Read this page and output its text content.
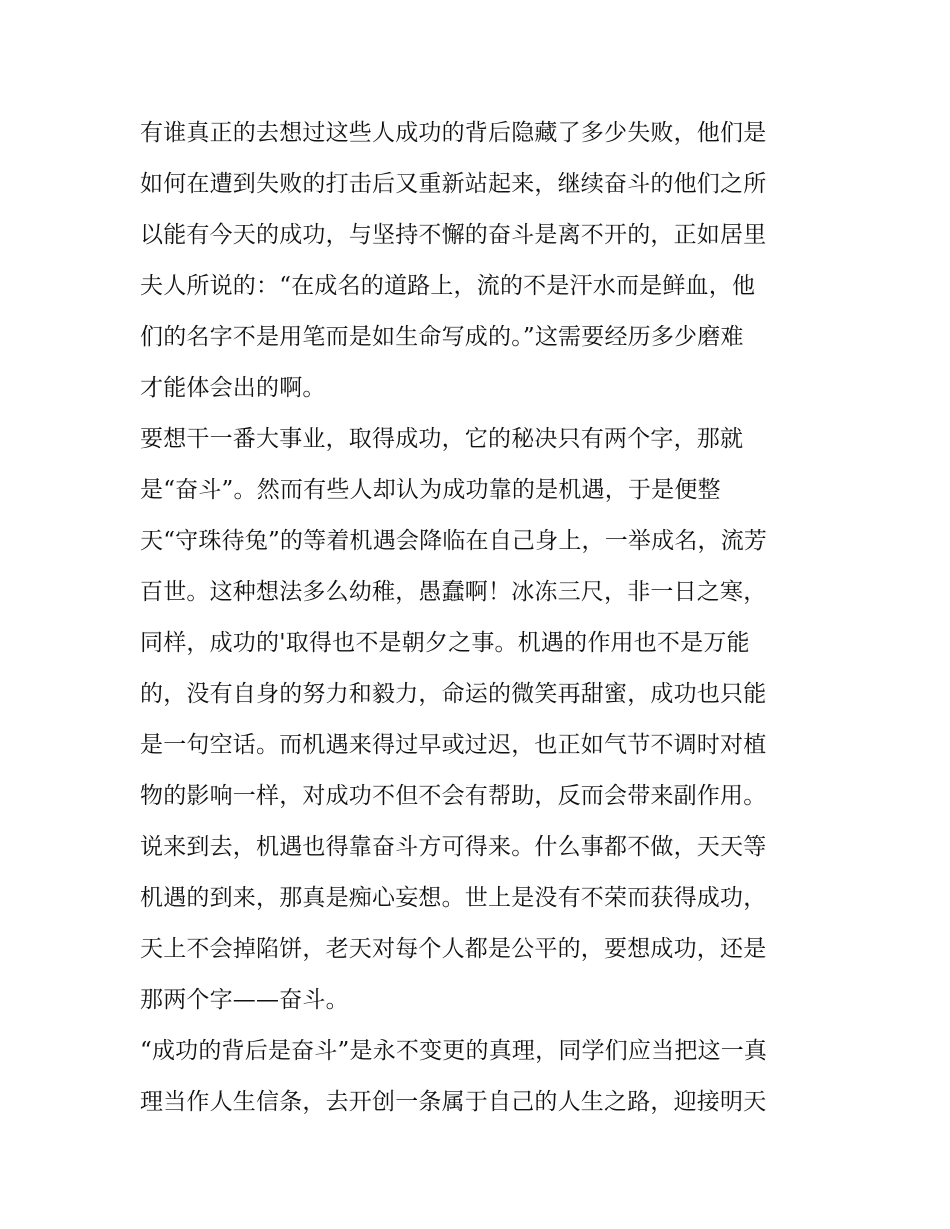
有谁真正的去想过这些人成功的背后隐藏了多少失败，他们是
如何在遭到失败的打击后又重新站起来，继续奋斗的他们之所
以能有今天的成功，与坚持不懈的奋斗是离不开的，正如居里
夫人所说的：“在成名的道路上，流的不是汗水而是鲜血，他
们的名字不是用笔而是如生命写成的。”这需要经历多少磨难
才能体会出的啊。
要想干一番大事业，取得成功，它的秘决只有两个字，那就
是“奋斗”。然而有些人却认为成功靠的是机遇，于是便整
天“守珠待兔”的等着机遇会降临在自己身上，一举成名，流芳
百世。这种想法多么幼稚，愚蠢啊！冰冻三尺，非一日之寒，
同样，成功的'取得也不是朝夕之事。机遇的作用也不是万能
的，没有自身的努力和毅力，命运的微笑再甜蜜，成功也只能
是一句空话。而机遇来得过早或过迟，也正如气节不调时对植
物的影响一样，对成功不但不会有帮助，反而会带来副作用。
说来到去，机遇也得靠奋斗方可得来。什么事都不做，天天等
机遇的到来，那真是痴心妄想。世上是没有不荣而获得成功，
天上不会掉陷饼，老天对每个人都是公平的，要想成功，还是
那两个字——奋斗。
“成功的背后是奋斗”是永不变更的真理，同学们应当把这一真
理当作人生信条，去开创一条属于自己的人生之路，迎接明天
